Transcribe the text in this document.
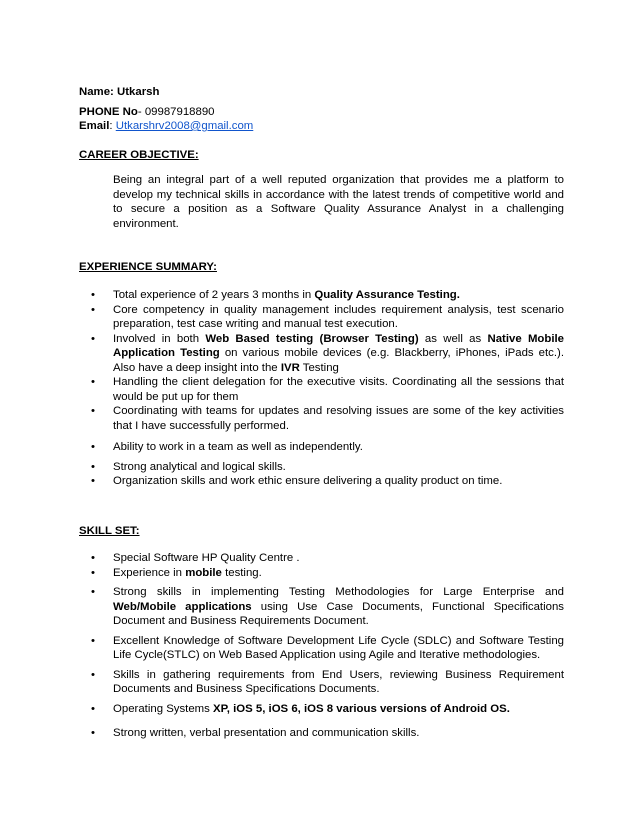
Name: Utkarsh
PHONE No- 09987918890
Email: Utkarshrv2008@gmail.com
CAREER OBJECTIVE:
Being an integral part of a well reputed organization that provides me a platform to develop my technical skills in accordance with the latest trends of competitive world and to secure a position as a Software Quality Assurance Analyst in a challenging environment.
EXPERIENCE SUMMARY:
• Total experience of 2 years 3 months in Quality Assurance Testing.
• Core competency in quality management includes requirement analysis, test scenario preparation, test case writing and manual test execution.
• Involved in both Web Based testing (Browser Testing) as well as Native Mobile Application Testing on various mobile devices (e.g. Blackberry, iPhones, iPads etc.). Also have a deep insight into the IVR Testing
• Handling the client delegation for the executive visits. Coordinating all the sessions that would be put up for them
• Coordinating with teams for updates and resolving issues are some of the key activities that I have successfully performed.
• Ability to work in a team as well as independently.
• Strong analytical and logical skills.
• Organization skills and work ethic ensure delivering a quality product on time.
SKILL SET:
• Special Software HP Quality Centre .
• Experience in mobile testing.
• Strong skills in implementing Testing Methodologies for Large Enterprise and Web/Mobile applications using Use Case Documents, Functional Specifications Document and Business Requirements Document.
• Excellent Knowledge of Software Development Life Cycle (SDLC) and Software Testing Life Cycle(STLC) on Web Based Application using Agile and Iterative methodologies.
• Skills in gathering requirements from End Users, reviewing Business Requirement Documents and Business Specifications Documents.
• Operating Systems XP, iOS 5, iOS 6, iOS 8 various versions of Android OS.
• Strong written, verbal presentation and communication skills.
